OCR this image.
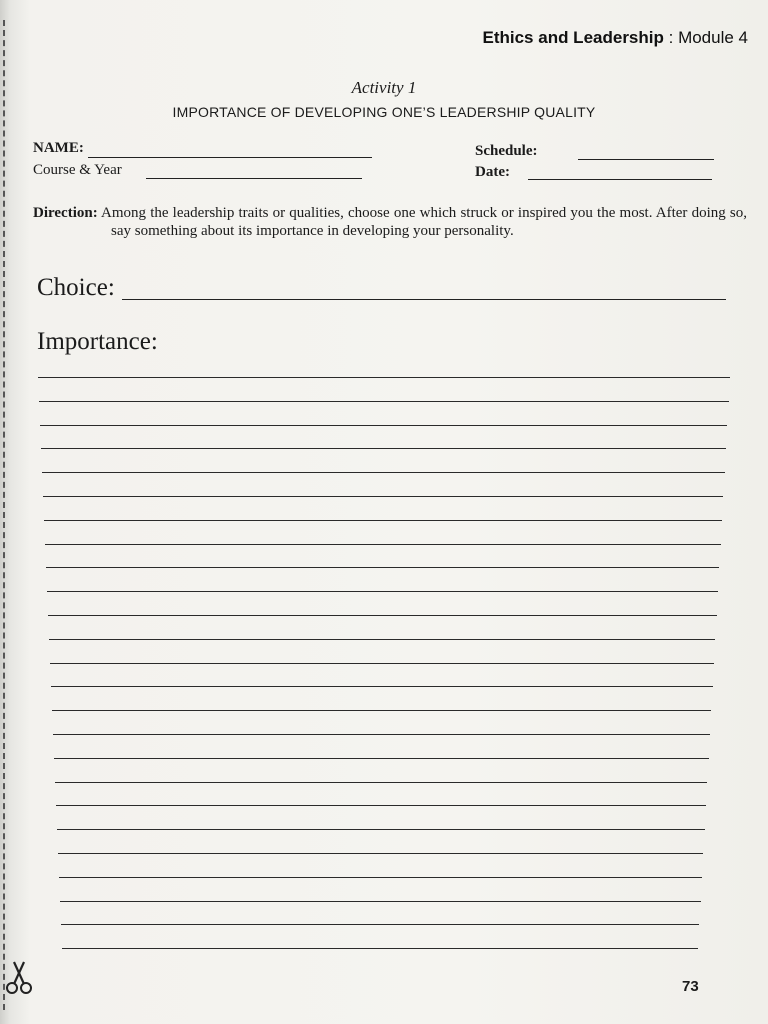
Ethics and Leadership : Module 4
Activity 1
IMPORTANCE OF DEVELOPING ONE’S LEADERSHIP QUALITY
NAME:
Course & Year
Schedule:
Date:
Direction: Among the leadership traits or qualities, choose one which struck or inspired you the most. After doing so, say something about its importance in developing your personality.
Choice:
Importance:
73
